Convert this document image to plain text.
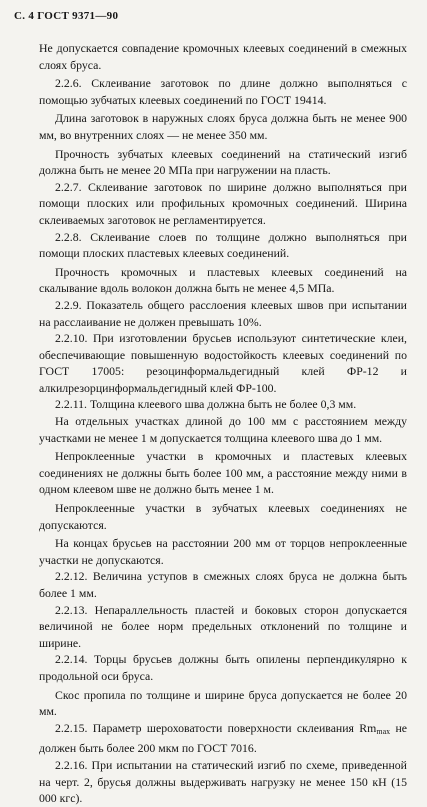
С. 4 ГОСТ 9371—90

Не допускается совпадение кромочных клеевых соединений в смежных слоях бруса.

2.2.6. Склеивание заготовок по длине должно выполняться с помощью зубчатых клеевых соединений по ГОСТ 19414.

Длина заготовок в наружных слоях бруса должна быть не менее 900 мм, во внутренних слоях — не менее 350 мм.

Прочность зубчатых клеевых соединений на статический изгиб должна быть не менее 20 МПа при нагружении на пласть.

2.2.7. Склеивание заготовок по ширине должно выполняться при помощи плоских или профильных кромочных соединений. Ширина склеиваемых заготовок не регламентируется.

2.2.8. Склеивание слоев по толщине должно выполняться при помощи плоских пластевых клеевых соединений.

Прочность кромочных и пластевых клеевых соединений на скалывание вдоль волокон должна быть не менее 4,5 МПа.

2.2.9. Показатель общего расслоения клеевых швов при испытании на расслаивание не должен превышать 10%.

2.2.10. При изготовлении брусьев используют синтетические клеи, обеспечивающие повышенную водостойкость клеевых соединений по ГОСТ 17005: резоцинформальдегидный клей ФР-12 и алкилрезорцинформальдегидный клей ФР-100.

2.2.11. Толщина клеевого шва должна быть не более 0,3 мм.

На отдельных участках длиной до 100 мм с расстоянием между участками не менее 1 м допускается толщина клеевого шва до 1 мм.

Непроклеенные участки в кромочных и пластевых клеевых соединениях не должны быть более 100 мм, а расстояние между ними в одном клеевом шве не должно быть менее 1 м.

Непроклеенные участки в зубчатых клеевых соединениях не допускаются.

На концах брусьев на расстоянии 200 мм от торцов непроклеенные участки не допускаются.

2.2.12. Величина уступов в смежных слоях бруса не должна быть более 1 мм.

2.2.13. Непараллельность пластей и боковых сторон допускается величиной не более норм предельных отклонений по толщине и ширине.

2.2.14. Торцы брусьев должны быть опилены перпендикулярно к продольной оси бруса.

Скос пропила по толщине и ширине бруса допускается не более 20 мм.

2.2.15. Параметр шероховатости поверхности склеивания $Rm_{max}$ не должен быть более 200 мкм по ГОСТ 7016.

2.2.16. При испытании на статический изгиб по схеме, приведенной на черт. 2, брусья должны выдерживать нагрузку не менее 150 кН (15 000 кгс).
